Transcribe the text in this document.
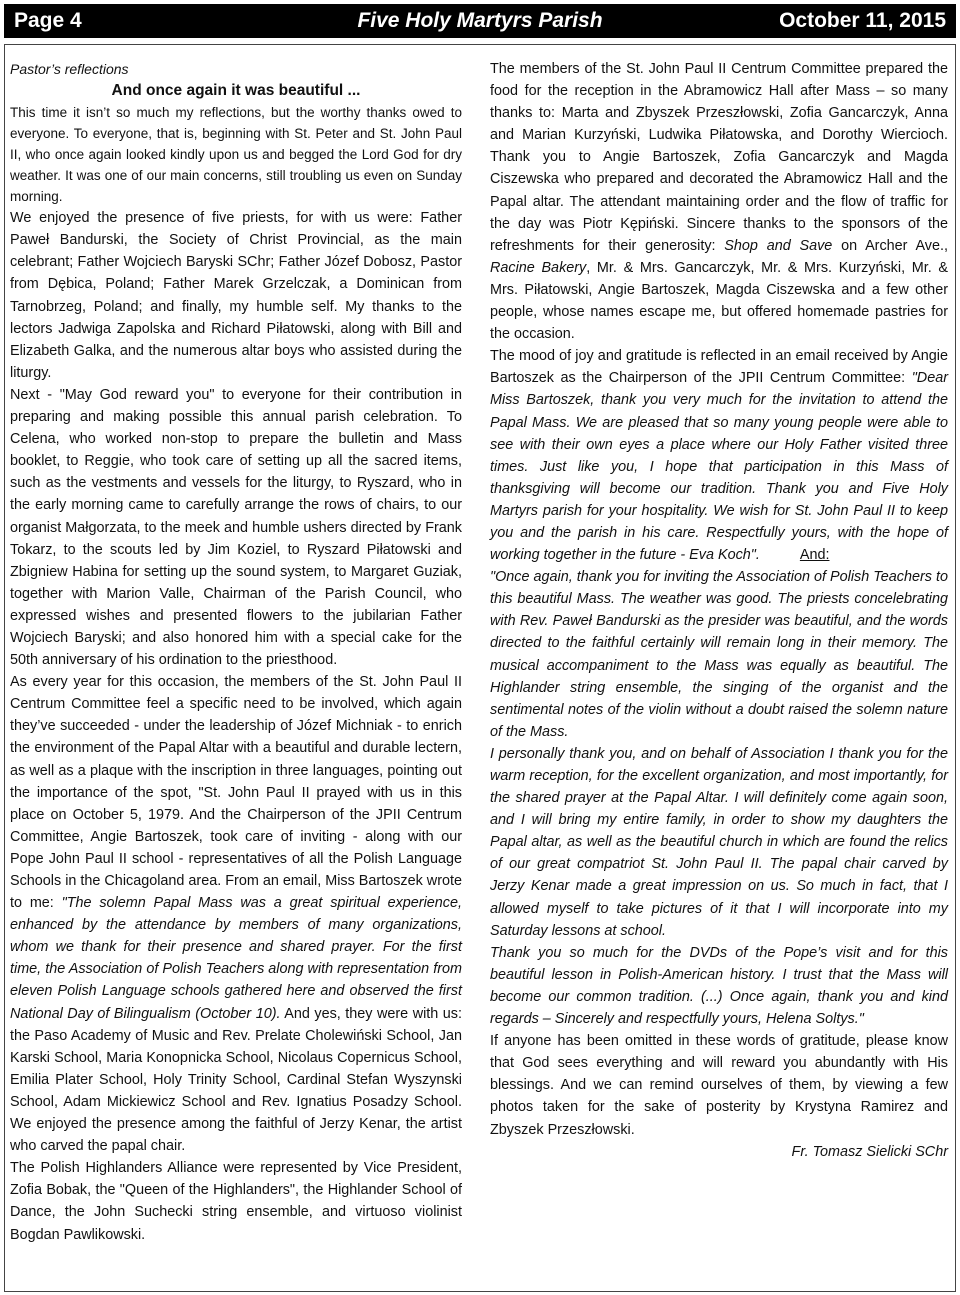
Page 4	Five Holy Martyrs Parish	October 11, 2015

Pastor’s reflections

And once again it was beautiful ...

This time it isn’t so much my reflections, but the worthy thanks owed to everyone. To everyone, that is, beginning with St. Peter and St. John Paul II, who once again looked kindly upon us and begged the Lord God for dry weather. It was one of our main concerns, still troubling us even on Sunday morning.

We enjoyed the presence of five priests, for with us were: Father Paweł Bandurski, the Society of Christ Provincial, as the main celebrant; Father Wojciech Baryski SChr; Father Józef Dobosz, Pastor from Dębica, Poland; Father Marek Grzelczak, a Dominican from Tarnobrzeg, Poland; and finally, my humble self. My thanks to the lectors Jadwiga Zapolska and Richard Piłatowski, along with Bill and Elizabeth Galka, and the numerous altar boys who assisted during the liturgy.

Next - "May God reward you" to everyone for their contribution in preparing and making possible this annual parish celebration. To Celena, who worked non-stop to prepare the bulletin and Mass booklet, to Reggie, who took care of setting up all the sacred items, such as the vestments and vessels for the liturgy, to Ryszard, who in the early morning came to carefully arrange the rows of chairs, to our organist Małgorzata, to the meek and humble ushers directed by Frank Tokarz, to the scouts led by Jim Koziel, to Ryszard Piłatowski and Zbigniew Habina for setting up the sound system, to Margaret Guziak, together with Marion Valle, Chairman of the Parish Council, who expressed wishes and presented flowers to the jubilarian Father Wojciech Baryski; and also honored him with a special cake for the 50th anniversary of his ordination to the priesthood.

As every year for this occasion, the members of the St. John Paul II Centrum Committee feel a specific need to be involved, which again they’ve succeeded - under the leadership of Józef Michniak - to enrich the environment of the Papal Altar with a beautiful and durable lectern, as well as a plaque with the inscription in three languages, pointing out the importance of the spot, "St. John Paul II prayed with us in this place on October 5, 1979. And the Chairperson of the JPII Centrum Committee, Angie Bartoszek, took care of inviting - along with our Pope John Paul II school - representatives of all the Polish Language Schools in the Chicagoland area. From an email, Miss Bartoszek wrote to me: "The solemn Papal Mass was a great spiritual experience, enhanced by the attendance by members of many organizations, whom we thank for their presence and shared prayer. For the first time, the Association of Polish Teachers along with representation from eleven Polish Language schools gathered here and observed the first National Day of Bilingualism (October 10). And yes, they were with us: the Paso Academy of Music and Rev. Prelate Cholewiński School, Jan Karski School, Maria Konopnicka School, Nicolaus Copernicus School, Emilia Plater School, Holy Trinity School, Cardinal Stefan Wyszynski School, Adam Mickiewicz School and Rev. Ignatius Posadzy School. We enjoyed the presence among the faithful of Jerzy Kenar, the artist who carved the papal chair.

The Polish Highlanders Alliance were represented by Vice President, Zofia Bobak, the "Queen of the Highlanders", the Highlander School of Dance, the John Suchecki string ensemble, and virtuoso violinist Bogdan Pawlikowski.

The members of the St. John Paul II Centrum Committee prepared the food for the reception in the Abramowicz Hall after Mass – so many thanks to: Marta and Zbyszek Przeszłowski, Zofia Gancarczyk, Anna and Marian Kurzyński, Ludwika Piłatowska, and Dorothy Wiercioch. Thank you to Angie Bartoszek, Zofia Gancarczyk and Magda Ciszewska who prepared and decorated the Abramowicz Hall and the Papal altar. The attendant maintaining order and the flow of traffic for the day was Piotr Kępiński. Sincere thanks to the sponsors of the refreshments for their generosity: Shop and Save on Archer Ave., Racine Bakery, Mr. & Mrs. Gancarczyk, Mr. & Mrs. Kurzyński, Mr. & Mrs. Piłatowski, Angie Bartoszek, Magda Ciszewska and a few other people, whose names escape me, but offered homemade pastries for the occasion.

The mood of joy and gratitude is reflected in an email received by Angie Bartoszek as the Chairperson of the JPII Centrum Committee: "Dear Miss Bartoszek, thank you very much for the invitation to attend the Papal Mass. We are pleased that so many young people were able to see with their own eyes a place where our Holy Father visited three times. Just like you, I hope that participation in this Mass of thanksgiving will become our tradition. Thank you and Five Holy Martyrs parish for your hospitality. We wish for St. John Paul II to keep you and the parish in his care. Respectfully yours, with the hope of working together in the future - Eva Koch".	And:

"Once again, thank you for inviting the Association of Polish Teachers to this beautiful Mass. The weather was good. The priests concelebrating with Rev. Paweł Bandurski as the presider was beautiful, and the words directed to the faithful certainly will remain long in their memory. The musical accompaniment to the Mass was equally as beautiful. The Highlander string ensemble, the singing of the organist and the sentimental notes of the violin without a doubt raised the solemn nature of the Mass.

I personally thank you, and on behalf of Association I thank you for the warm reception, for the excellent organization, and most importantly, for the shared prayer at the Papal Altar. I will definitely come again soon, and I will bring my entire family, in order to show my daughters the Papal altar, as well as the beautiful church in which are found the relics of our great compatriot St. John Paul II. The papal chair carved by Jerzy Kenar made a great impression on us. So much in fact, that I allowed myself to take pictures of it that I will incorporate into my Saturday lessons at school.

Thank you so much for the DVDs of the Pope’s visit and for this beautiful lesson in Polish-American history. I trust that the Mass will become our common tradition. (...) Once again, thank you and kind regards – Sincerely and respectfully yours, Helena Soltys."

If anyone has been omitted in these words of gratitude, please know that God sees everything and will reward you abundantly with His blessings. And we can remind ourselves of them, by viewing a few photos taken for the sake of posterity by Krystyna Ramirez and Zbyszek Przeszłowski.

Fr. Tomasz Sielicki SChr
